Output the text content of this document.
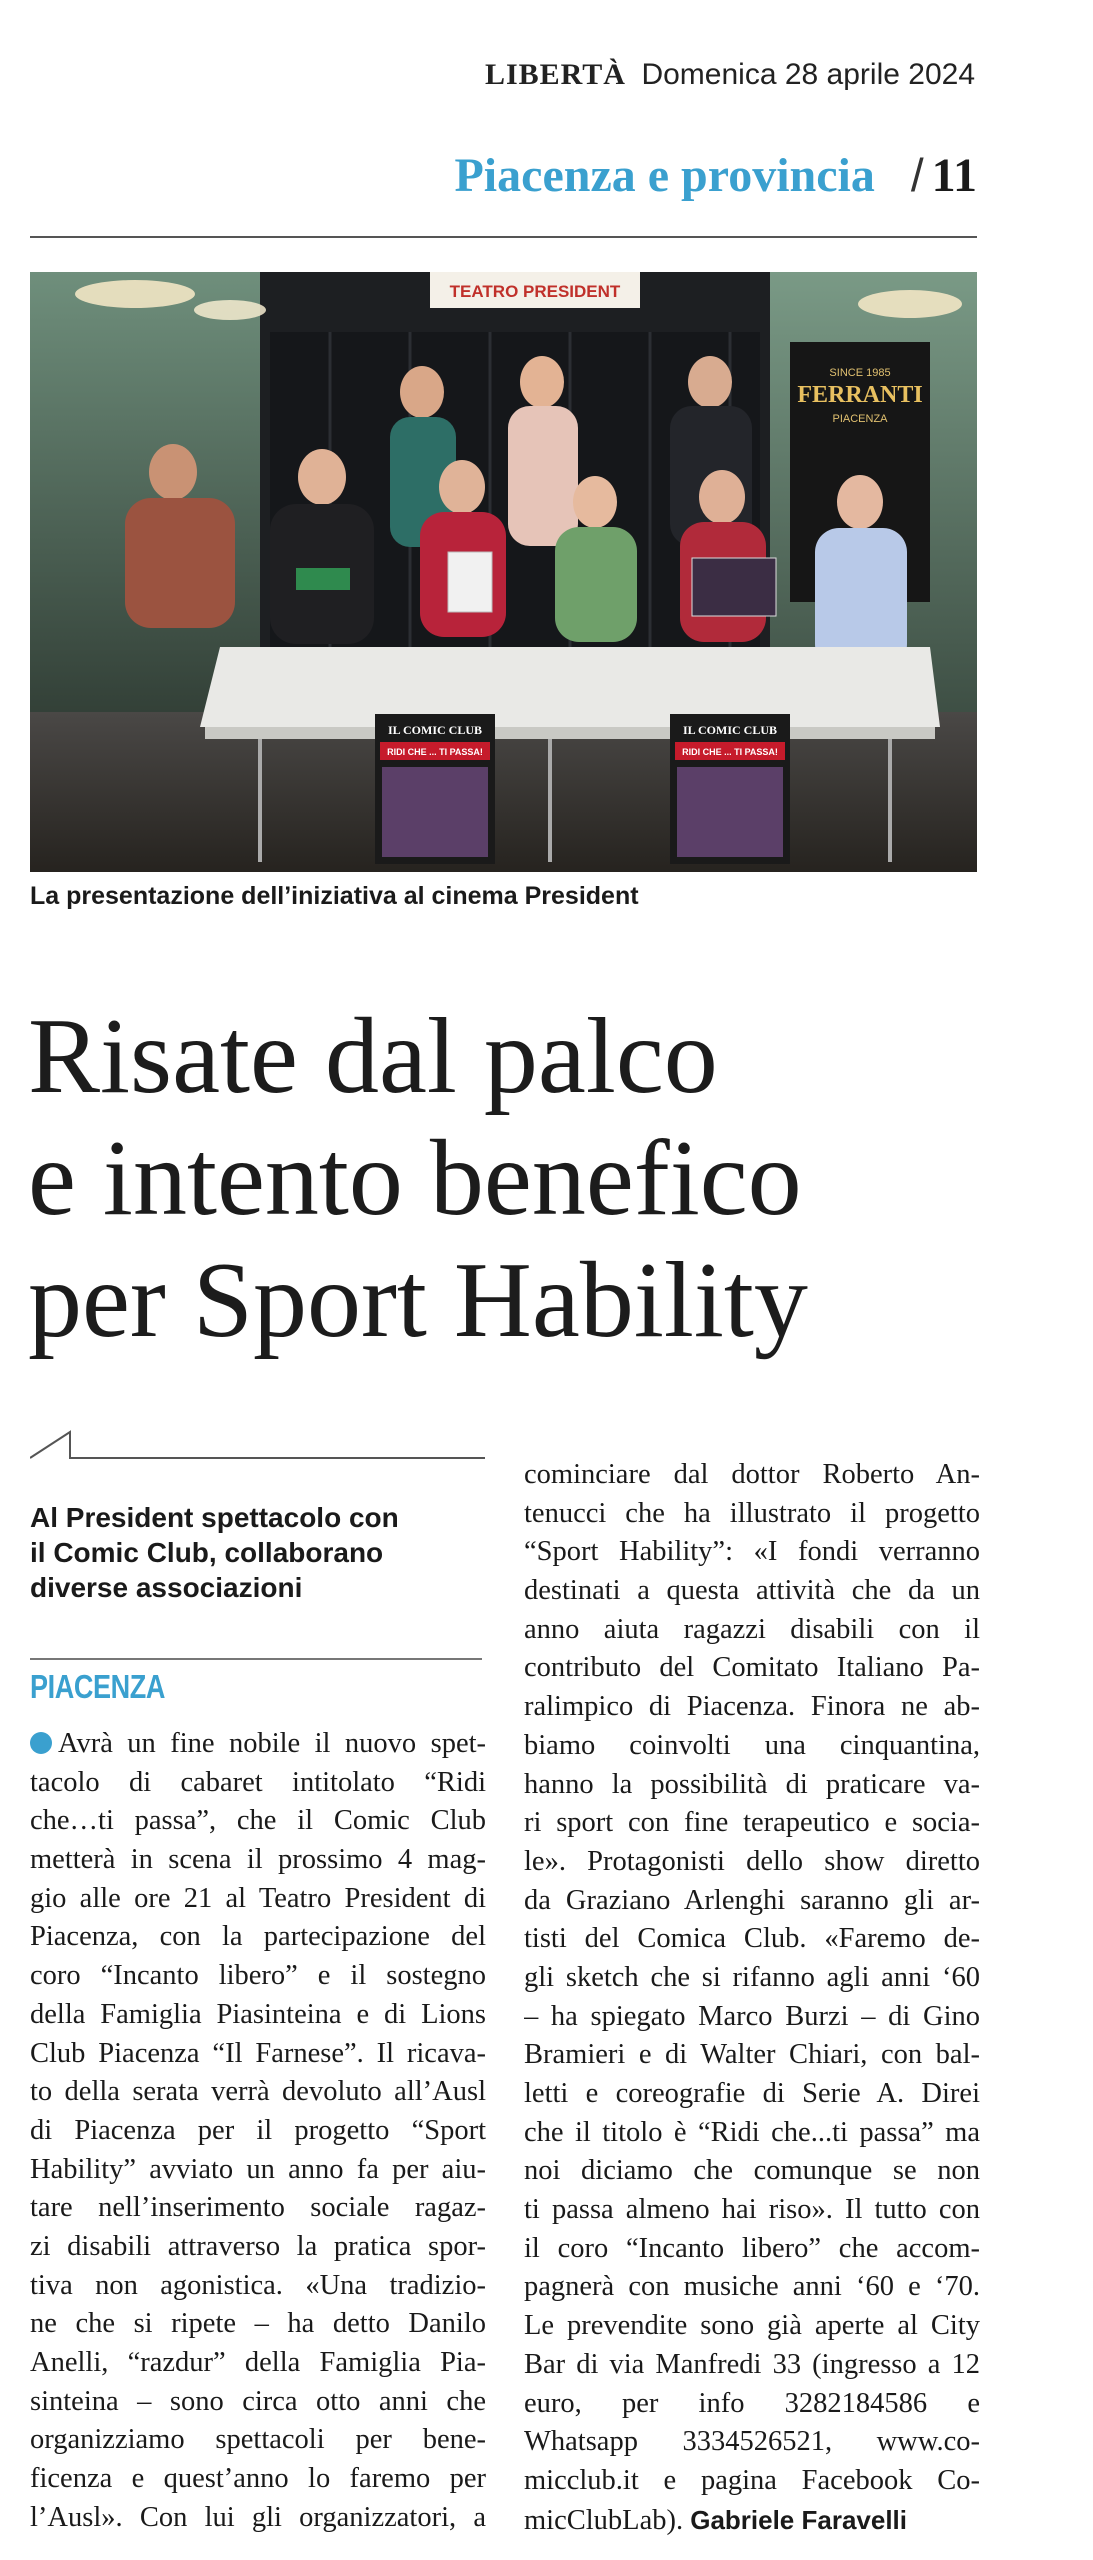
LIBERTÀ Domenica 28 aprile 2024
Piacenza e provincia / 11
TEATRO PRESIDENT
SINCE 1985
FERRANTI
PIACENZA
IL COMIC CLUB
RIDI CHE ... TI PASSA!
IL COMIC CLUB
RIDI CHE ... TI PASSA!
La presentazione dell’iniziativa al cinema President
Risate dal palco
e intento benefico
per Sport Hability
Al President spettacolo con
il Comic Club, collaborano
diverse associazioni
PIACENZA
Avrà un fine nobile il nuovo spet-
tacolo di cabaret intitolato “Ridi
che…ti passa”, che il Comic Club
metterà in scena il prossimo 4 mag-
gio alle ore 21 al Teatro President di
Piacenza, con la partecipazione del
coro “Incanto libero” e il sostegno
della Famiglia Piasinteina e di Lions
Club Piacenza “Il Farnese”. Il ricava-
to della serata verrà devoluto all’Ausl
di Piacenza per il progetto “Sport
Hability” avviato un anno fa per aiu-
tare nell’inserimento sociale ragaz-
zi disabili attraverso la pratica spor-
tiva non agonistica. «Una tradizio-
ne che si ripete – ha detto Danilo
Anelli, “razdur” della Famiglia Pia-
sinteina – sono circa otto anni che
organizziamo spettacoli per bene-
ficenza e quest’anno lo faremo per
l’Ausl». Con lui gli organizzatori, a
cominciare dal dottor Roberto An-
tenucci che ha illustrato il progetto
“Sport Hability”: «I fondi verranno
destinati a questa attività che da un
anno aiuta ragazzi disabili con il
contributo del Comitato Italiano Pa-
ralimpico di Piacenza. Finora ne ab-
biamo coinvolti una cinquantina,
hanno la possibilità di praticare va-
ri sport con fine terapeutico e socia-
le». Protagonisti dello show diretto
da Graziano Arlenghi saranno gli ar-
tisti del Comica Club. «Faremo de-
gli sketch che si rifanno agli anni ‘60
– ha spiegato Marco Burzi – di Gino
Bramieri e di Walter Chiari, con bal-
letti e coreografie di Serie A. Direi
che il titolo è “Ridi che...ti passa” ma
noi diciamo che comunque se non
ti passa almeno hai riso». Il tutto con
il coro “Incanto libero” che accom-
pagnerà con musiche anni ‘60 e ‘70.
Le prevendite sono già aperte al City
Bar di via Manfredi 33 (ingresso a 12
euro, per info 3282184586 e
Whatsapp 3334526521, www.co-
micclub.it e pagina Facebook Co-
micClubLab). Gabriele Faravelli
